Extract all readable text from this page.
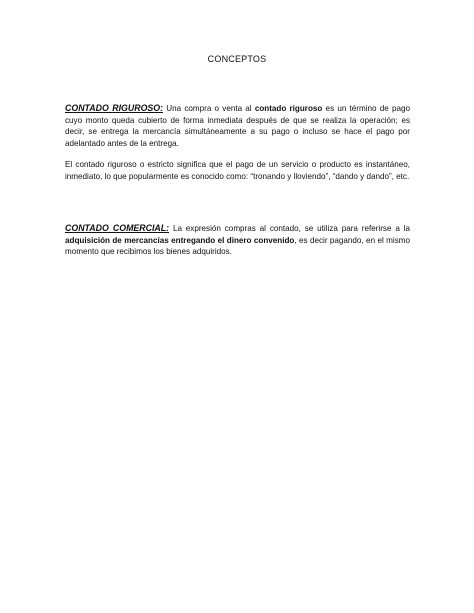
CONCEPTOS
CONTADO RIGUROSO: Una compra o venta al contado riguroso es un término de pago cuyo monto queda cubierto de forma inmediata después de que se realiza la operación; es decir, se entrega la mercancía simultáneamente a su pago o incluso se hace el pago por adelantado antes de la entrega.
El contado riguroso o estricto significa que el pago de un servicio o producto es instantáneo, inmediato, lo que popularmente es conocido como: “tronando y lloviendo”, “dando y dando”, etc.
CONTADO COMERCIAL: La expresión compras al contado, se utiliza para referirse a la adquisición de mercancías entregando el dinero convenido, es decir pagando, en el mismo momento que recibimos los bienes adquiridos.
